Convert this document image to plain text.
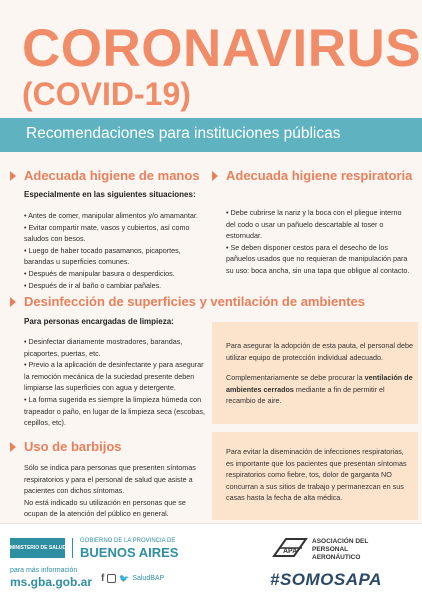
CORONAVIRUS
(COVID-19)
Recomendaciones para instituciones públicas
Adecuada higiene de manos
Especialmente en las siguientes situaciones:
• Antes de comer, manipular alimentos y/o amamantar.
• Evitar compartir mate, vasos y cubiertos, así como
saludos con besos.
• Luego de haber tocado pasamanos, picaportes,
barandas u superficies comunes.
• Después de manipular basura o desperdicios.
• Después de ir al baño o cambiar pañales.
Adecuada higiene respiratoria
• Debe cubrirse la nariz y la boca con el pliegue interno
del codo o usar un pañuelo descartable al toser o
estornudar.
• Se deben disponer cestos para el desecho de los
pañuelos usados que no requieran de manipulación para
su uso: boca ancha, sin una tapa que obligue al contacto.
Desinfección de superficies y ventilación de ambientes
Para personas encargadas de limpieza:
• Desinfectar diariamente mostradores, barandas,
picaportes, puertas, etc.
• Previo a la aplicación de desinfectante y para asegurar
la remoción mecánica de la suciedad presente deben
limpiarse las superficies con agua y detergente.
• La forma sugerida es siempre la limpieza húmeda con
trapeador o paño, en lugar de la limpieza seca (escobas,
cepillos, etc).
Para asegurar la adopción de esta pauta, el personal debe
utilizar equipo de protección individual adecuado.
Complementariamente se debe procurar la ventilación de
ambientes cerrados mediante a fin de permitir el
recambio de aire.
Uso de barbijos
Sólo se indica para personas que presenten síntomas
respiratorios y para el personal de salud que asiste a
pacientes con dichos síntomas.
No está indicado su utilización en personas que se
ocupan de la atención del público en general.
Para evitar la diseminación de infecciones respiratorias,
es importante que los pacientes que presentan síntomas
respiratorios como fiebre, tos, dolor de garganta NO
concurran a sus sitios de trabajo y permanezcan en sus
casas hasta la fecha de alta médica.
MINISTERIO DE SALUD
GOBIERNO DE LA PROVINCIA DE
BUENOS AIRES
para más información
ms.gba.gob.ar f 🐦 SaludBAP
APA
ASOCIACIÓN DEL
PERSONAL
AERONÁUTICO
#SOMOSAPA
